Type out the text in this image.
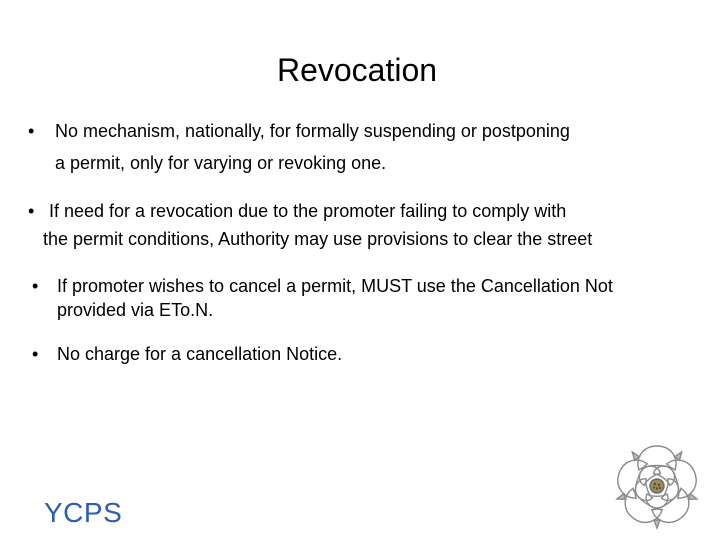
Revocation
• No mechanism, nationally, for formally suspending or postponing
a permit, only for varying or revoking one.
• If need for a revocation due to the promoter failing to comply with
the permit conditions, Authority may use provisions to clear the street
• If promoter wishes to cancel a permit, MUST use the Cancellation Not
provided via ETo.N.
• No charge for a cancellation Notice.
YCPS
